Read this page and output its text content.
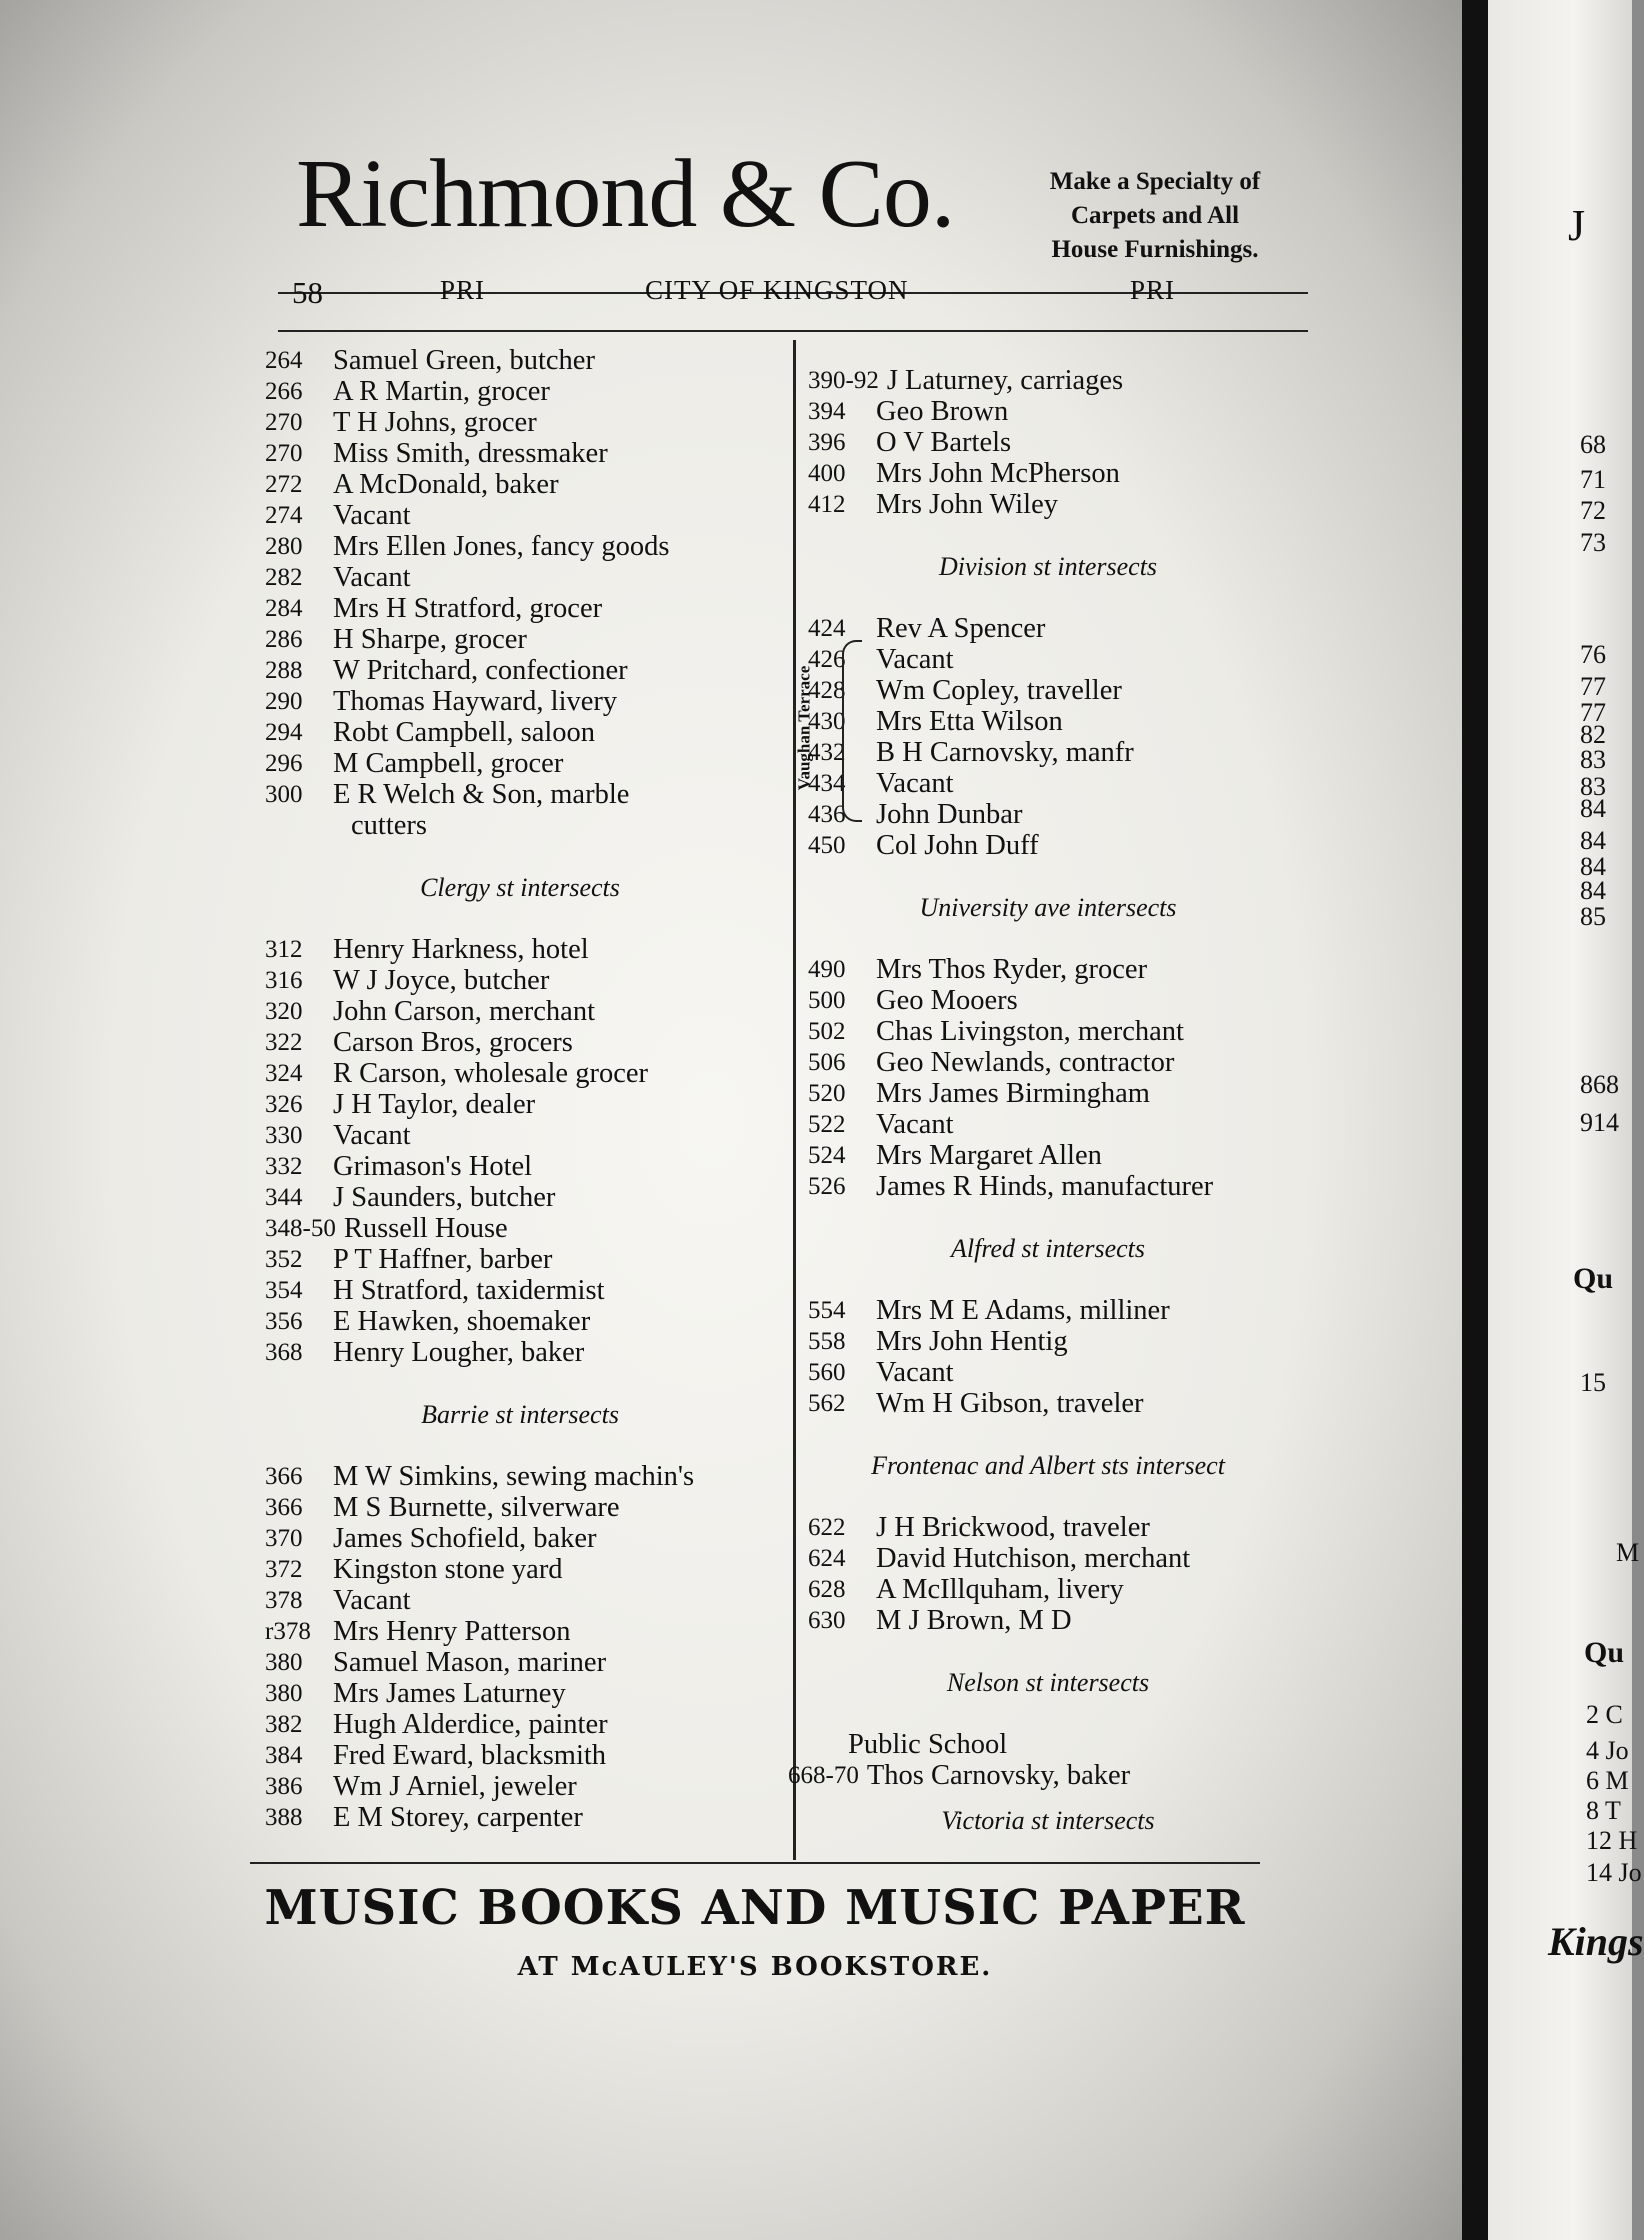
Richmond & Co.	Make a Specialty of
Carpets and All
House Furnishings.
58	PRI	CITY OF KINGSTON	PRI
264	Samuel Green, butcher
266	A R Martin, grocer
270	T H Johns, grocer
270	Miss Smith, dressmaker
272	A McDonald, baker
274	Vacant
280	Mrs Ellen Jones, fancy goods
282	Vacant
284	Mrs H Stratford, grocer
286	H Sharpe, grocer
288	W Pritchard, confectioner
290	Thomas Hayward, livery
294	Robt Campbell, saloon
296	M Campbell, grocer
300	E R Welch & Son, marble
cutters
Clergy st intersects
312	Henry Harkness, hotel
316	W J Joyce, butcher
320	John Carson, merchant
322	Carson Bros, grocers
324	R Carson, wholesale grocer
326	J H Taylor, dealer
330	Vacant
332	Grimason's Hotel
344	J Saunders, butcher
348-50 Russell House
352	P T Haffner, barber
354	H Stratford, taxidermist
356	E Hawken, shoemaker
368	Henry Lougher, baker
Barrie st intersects
366	M W Simkins, sewing machin's
366	M S Burnette, silverware
370	James Schofield, baker
372	Kingston stone yard
378	Vacant
r378 Mrs Henry Patterson
380	Samuel Mason, mariner
380	Mrs James Laturney
382	Hugh Alderdice, painter
384	Fred Eward, blacksmith
386	Wm J Arniel, jeweler
388	E M Storey, carpenter
390-92 J Laturney, carriages
394	Geo Brown
396	O V Bartels
400	Mrs John McPherson
412	Mrs John Wiley
Division st intersects
424	Rev A Spencer
426	Vacant
428	Wm Copley, traveller
430	Mrs Etta Wilson
432	B H Carnovsky, manfr
434	Vacant
436	John Dunbar
450	Col John Duff
University ave intersects
490	Mrs Thos Ryder, grocer
500	Geo Mooers
502	Chas Livingston, merchant
506	Geo Newlands, contractor
520	Mrs James Birmingham
522	Vacant
524	Mrs Margaret Allen
526	James R Hinds, manufacturer
Alfred st intersects
554	Mrs M E Adams, milliner
558	Mrs John Hentig
560	Vacant
562	Wm H Gibson, traveler
Frontenac and Albert sts intersect
622	J H Brickwood, traveler
624	David Hutchison, merchant
628	A McIllquham, livery
630	M J Brown, M D
Nelson st intersects
Public School
668-70 Thos Carnovsky, baker
Victoria st intersects
Vaughan Terrace
MUSIC BOOKS AND MUSIC PAPER
AT McAULEY'S BOOKSTORE.
J
68
71
72
73
76
77
77
82
83
83
84
84
84
84
85
868
914
Qu
15
M
Qu
2 C
4 Jo
6 M
8 T
12 H
14 Jo
Kings
